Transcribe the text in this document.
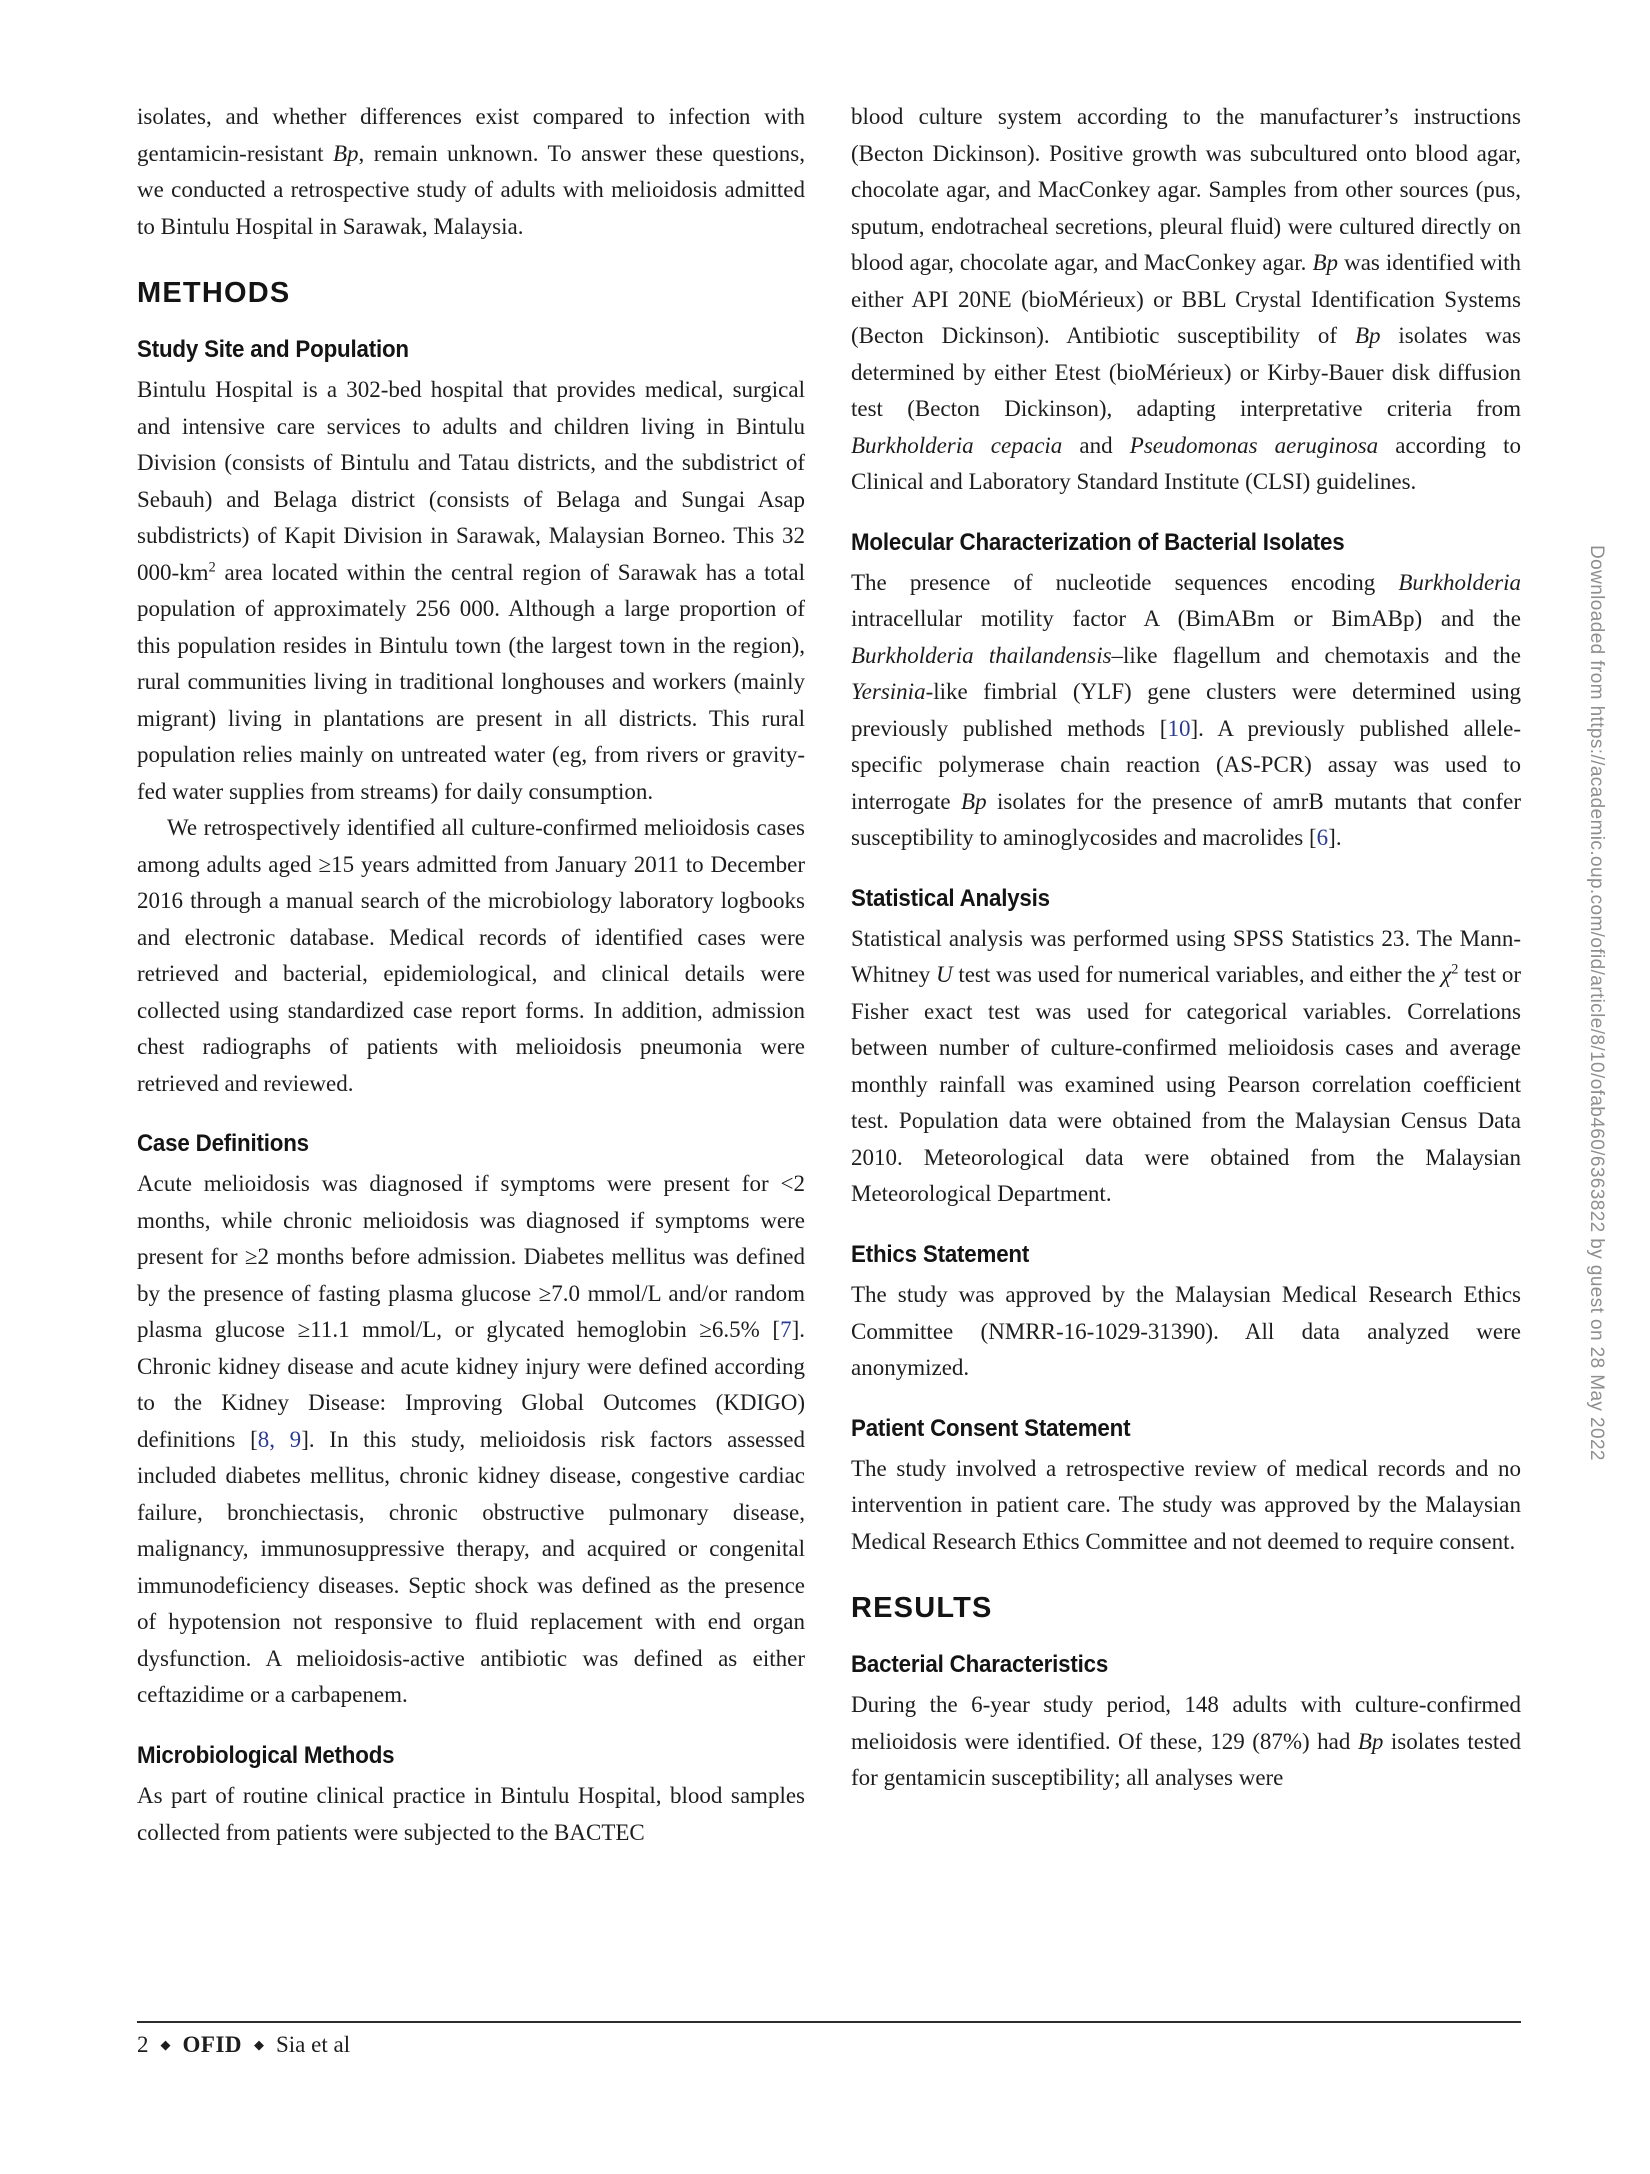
isolates, and whether differences exist compared to infection with gentamicin-resistant Bp, remain unknown. To answer these questions, we conducted a retrospective study of adults with melioidosis admitted to Bintulu Hospital in Sarawak, Malaysia.

METHODS
Study Site and Population

Bintulu Hospital is a 302-bed hospital that provides medical, surgical and intensive care services to adults and children living in Bintulu Division (consists of Bintulu and Tatau districts, and the subdistrict of Sebauh) and Belaga district (consists of Belaga and Sungai Asap subdistricts) of Kapit Division in Sarawak, Malaysian Borneo. This 32 $000-km^2$ area located within the central region of Sarawak has a total population of approximately 256 000. Although a large proportion of this population resides in Bintulu town (the largest town in the region), rural communities living in traditional longhouses and workers (mainly migrant) living in plantations are present in all districts. This rural population relies mainly on untreated water (eg, from rivers or gravity-fed water supplies from streams) for daily consumption.

We retrospectively identified all culture-confirmed melioidosis cases among adults aged ≥15 years admitted from January 2011 to December 2016 through a manual search of the microbiology laboratory logbooks and electronic database. Medical records of identified cases were retrieved and bacterial, epidemiological, and clinical details were collected using standardized case report forms. In addition, admission chest radiographs of patients with melioidosis pneumonia were retrieved and reviewed.

Case Definitions

Acute melioidosis was diagnosed if symptoms were present for <2 months, while chronic melioidosis was diagnosed if symptoms were present for ≥2 months before admission. Diabetes mellitus was defined by the presence of fasting plasma glucose ≥7.0 mmol/L and/or random plasma glucose ≥11.1 mmol/L, or glycated hemoglobin ≥6.5% [7]. Chronic kidney disease and acute kidney injury were defined according to the Kidney Disease: Improving Global Outcomes (KDIGO) definitions [8, 9]. In this study, melioidosis risk factors assessed included diabetes mellitus, chronic kidney disease, congestive cardiac failure, bronchiectasis, chronic obstructive pulmonary disease, malignancy, immunosuppressive therapy, and acquired or congenital immunodeficiency diseases. Septic shock was defined as the presence of hypotension not responsive to fluid replacement with end organ dysfunction. A melioidosis-active antibiotic was defined as either ceftazidime or a carbapenem.

Microbiological Methods

As part of routine clinical practice in Bintulu Hospital, blood samples collected from patients were subjected to the BACTEC

blood culture system according to the manufacturer’s instructions (Becton Dickinson). Positive growth was subcultured onto blood agar, chocolate agar, and MacConkey agar. Samples from other sources (pus, sputum, endotracheal secretions, pleural fluid) were cultured directly on blood agar, chocolate agar, and MacConkey agar. Bp was identified with either API 20NE (bioMérieux) or BBL Crystal Identification Systems (Becton Dickinson). Antibiotic susceptibility of Bp isolates was determined by either Etest (bioMérieux) or Kirby-Bauer disk diffusion test (Becton Dickinson), adapting interpretative criteria from Burkholderia cepacia and Pseudomonas aeruginosa according to Clinical and Laboratory Standard Institute (CLSI) guidelines.

Molecular Characterization of Bacterial Isolates

The presence of nucleotide sequences encoding Burkholderia intracellular motility factor A (BimABm or BimABp) and the Burkholderia thailandensis–like flagellum and chemotaxis and the Yersinia-like fimbrial (YLF) gene clusters were determined using previously published methods [10]. A previously published allele-specific polymerase chain reaction (AS-PCR) assay was used to interrogate Bp isolates for the presence of amrB mutants that confer susceptibility to aminoglycosides and macrolides [6].

Statistical Analysis

Statistical analysis was performed using SPSS Statistics 23. The Mann-Whitney U test was used for numerical variables, and either the $\chi^2$ test or Fisher exact test was used for categorical variables. Correlations between number of culture-confirmed melioidosis cases and average monthly rainfall was examined using Pearson correlation coefficient test. Population data were obtained from the Malaysian Census Data 2010. Meteorological data were obtained from the Malaysian Meteorological Department.

Ethics Statement

The study was approved by the Malaysian Medical Research Ethics Committee (NMRR-16-1029-31390). All data analyzed were anonymized.

Patient Consent Statement

The study involved a retrospective review of medical records and no intervention in patient care. The study was approved by the Malaysian Medical Research Ethics Committee and not deemed to require consent.

RESULTS
Bacterial Characteristics

During the 6-year study period, 148 adults with culture-confirmed melioidosis were identified. Of these, 129 (87%) had Bp isolates tested for gentamicin susceptibility; all analyses were

2 ◆ OFID ◆ Sia et al
Downloaded from https://academic.oup.com/ofid/article/8/10/ofab460/6363822 by guest on 28 May 2022
